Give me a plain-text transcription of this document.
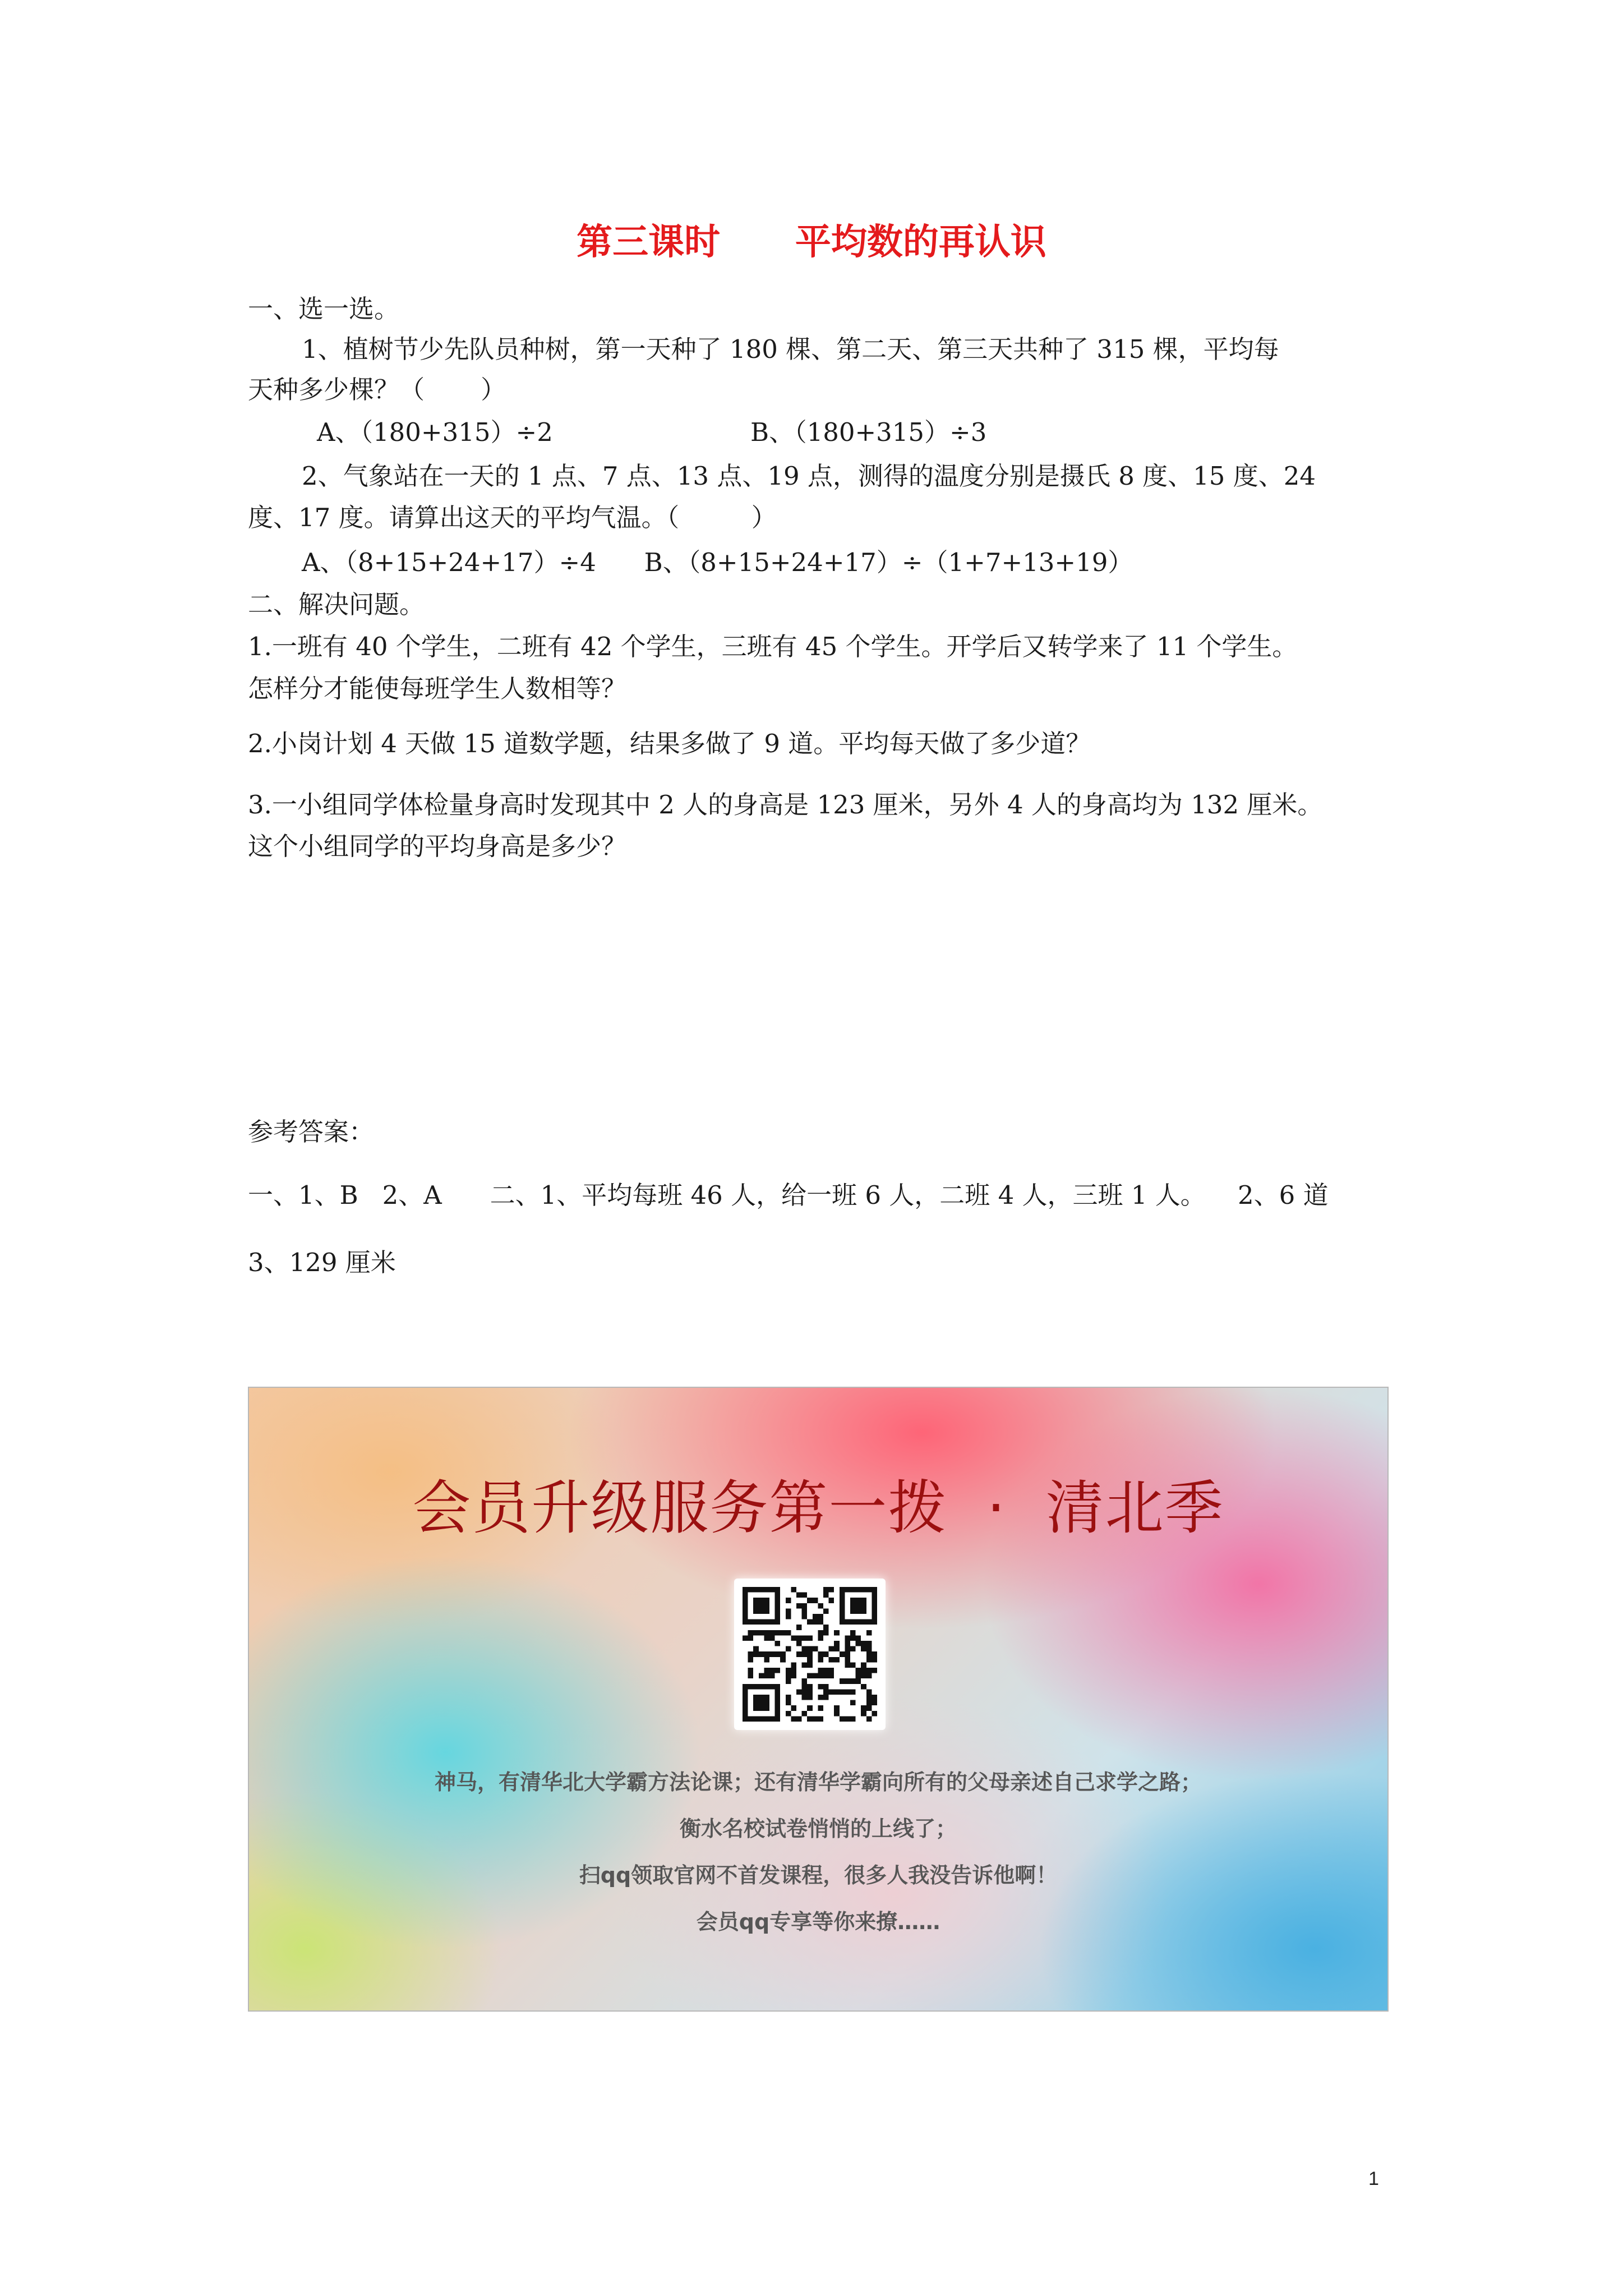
第三课时      平均数的再认识
一、选一选。
1、植树节少先队员种树，第一天种了 180 棵、第二天、第三天共种了 315 棵，平均每
天种多少棵？（       ）
A、（180+315）÷2	B、（180+315）÷3
2、气象站在一天的 1 点、7 点、13 点、19 点，测得的温度分别是摄氏 8 度、15 度、24
度、17 度。请算出这天的平均气温。（         ）
A、（8+15+24+17）÷4      B、（8+15+24+17）÷（1+7+13+19）
二、解决问题。
1.一班有 40 个学生，二班有 42 个学生，三班有 45 个学生。开学后又转学来了 11 个学生。
怎样分才能使每班学生人数相等？
2.小岗计划 4 天做 15 道数学题，结果多做了 9 道。平均每天做了多少道？
3.一小组同学体检量身高时发现其中 2 人的身高是 123 厘米，另外 4 人的身高均为 132 厘米。
这个小组同学的平均身高是多少？
参考答案：
一、1、B   2、A      二、1、平均每班 46 人，给一班 6 人，二班 4 人，三班 1 人。    2、6 道
3、129 厘米
会员升级服务第一拨  ·  清北季
神马，有清华北大学霸方法论课；还有清华学霸向所有的父母亲述自己求学之路；
衡水名校试卷悄悄的上线了；
扫qq领取官网不首发课程，很多人我没告诉他啊！
会员qq专享等你来撩……
1
